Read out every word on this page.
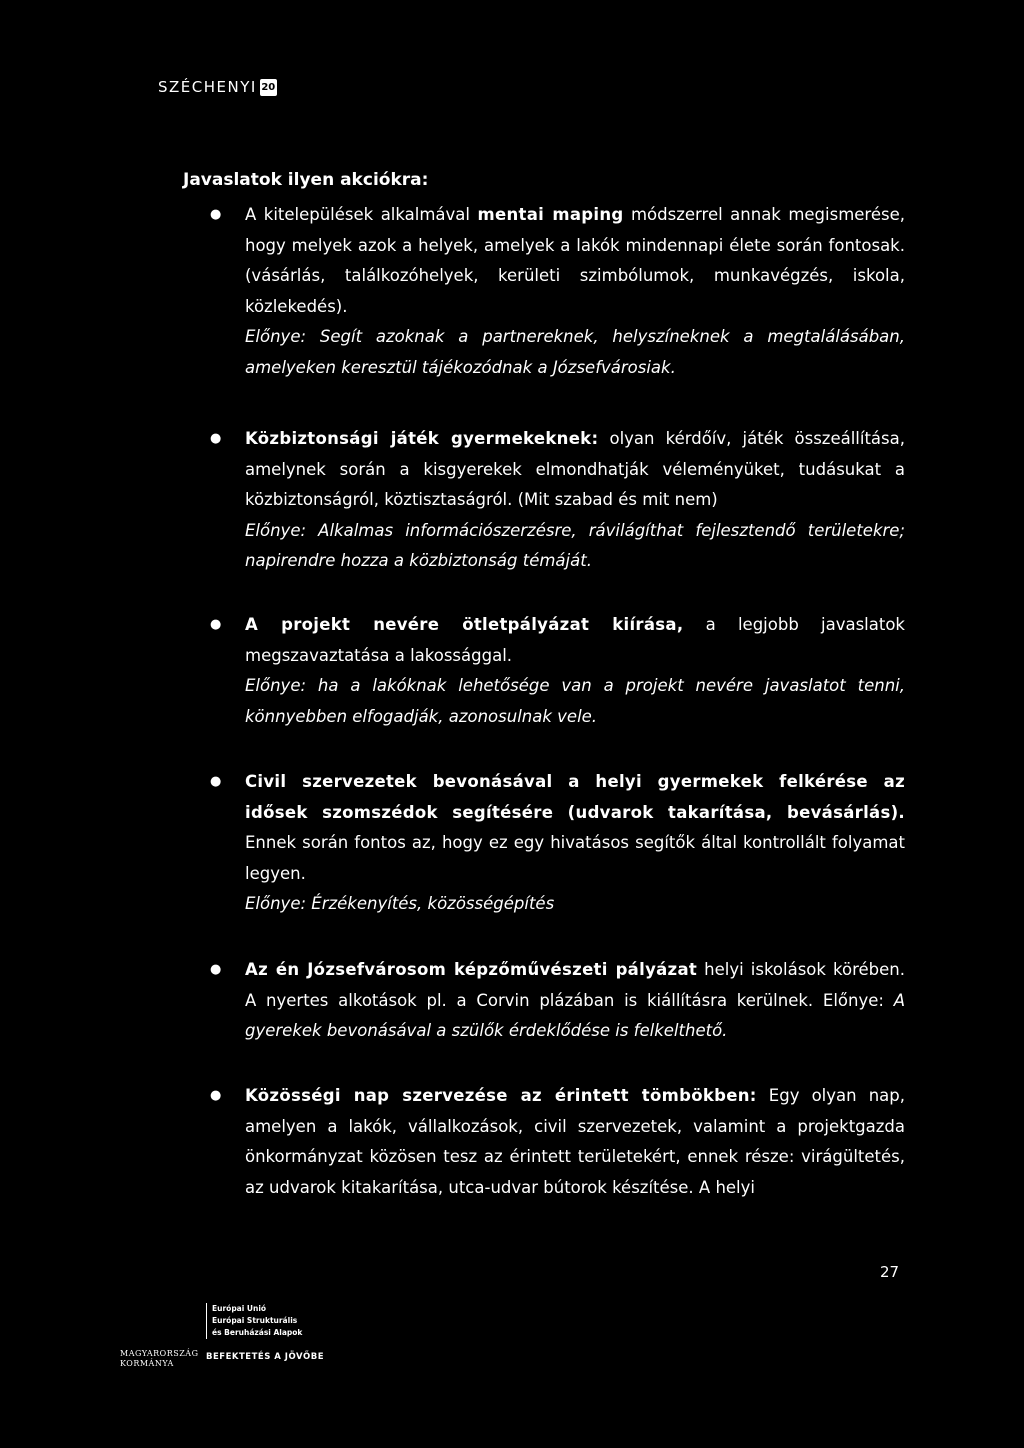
SZÉCHENYI 20
Javaslatok ilyen akciókra:
● A kitelepülések alkalmával mentai maping módszerrel annak megismerése, hogy melyek azok a helyek, amelyek a lakók mindennapi élete során fontosak. (vásárlás, találkozóhelyek, kerületi szimbólumok, munkavégzés, iskola, közlekedés).

Előnye: Segít azoknak a partnereknek, helyszíneknek a megtalálásában, amelyeken keresztül tájékozódnak a Józsefvárosiak.

● Közbiztonsági játék gyermekeknek: olyan kérdőív, játék összeállítása, amelynek során a kisgyerekek elmondhatják véleményüket, tudásukat a közbiztonságról, köztisztaságról. (Mit szabad és mit nem)

Előnye: Alkalmas információszerzésre, rávilágíthat fejlesztendő területekre; napirendre hozza a közbiztonság témáját.

● A projekt nevére ötletpályázat kiírása, a legjobb javaslatok megszavaztatása a lakossággal.

Előnye: ha a lakóknak lehetősége van a projekt nevére javaslatot tenni, könnyebben elfogadják, azonosulnak vele.

● Civil szervezetek bevonásával a helyi gyermekek felkérése az idősek szomszédok segítésére (udvarok takarítása, bevásárlás). Ennek során fontos az, hogy ez egy hivatásos segítők által kontrollált folyamat legyen.

Előnye: Érzékenyítés, közösségépítés

● Az én Józsefvárosom képzőművészeti pályázat helyi iskolások körében. A nyertes alkotások pl. a Corvin plázában is kiállításra kerülnek. Előnye: A gyerekek bevonásával a szülők érdeklődése is felkelthető.

● Közösségi nap szervezése az érintett tömbökben: Egy olyan nap, amelyen a lakók, vállalkozások, civil szervezetek, valamint a projektgazda önkormányzat közösen tesz az érintett területekért, ennek része: virágültetés, az udvarok kitakarítása, utca-udvar bútorok készítése. A helyi

27
MAGYARORSZÁG
KORMÁNYA
Európai Unió
Európai Strukturális
és Beruházási Alapok
BEFEKTETÉS A JÖVŐBE
